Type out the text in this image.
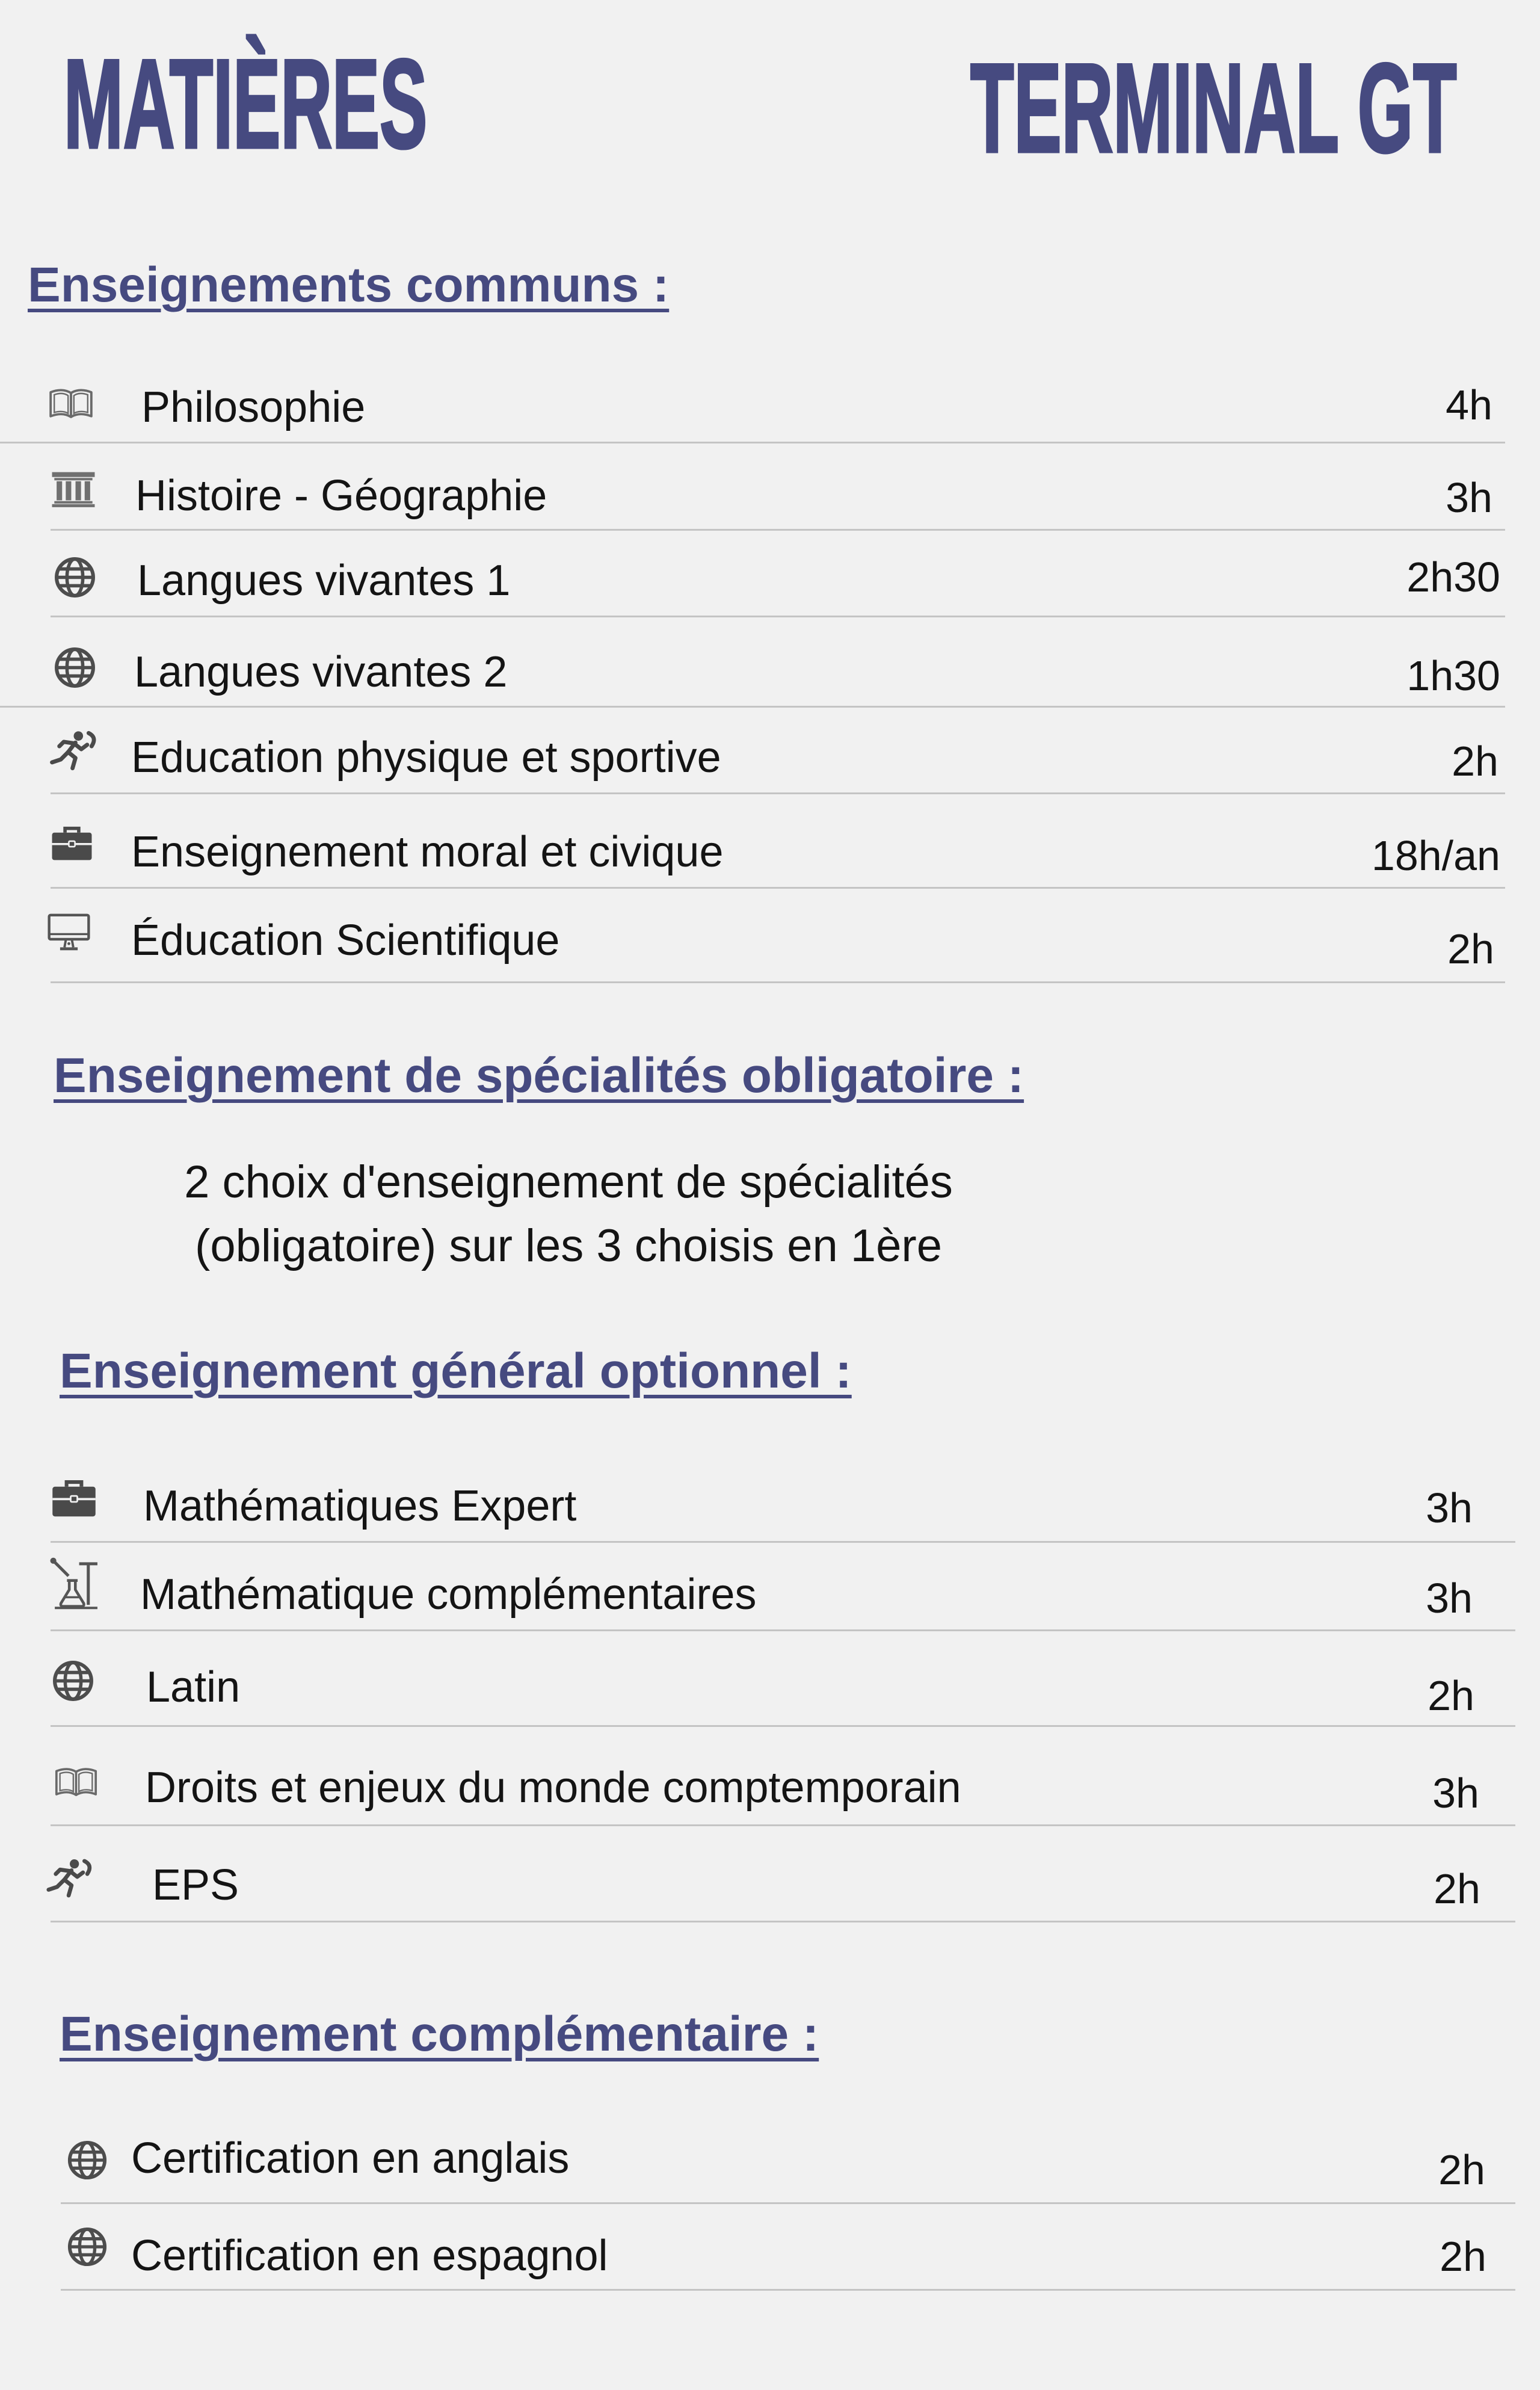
MATIÈRES	TERMINAL GT
Enseignements communs :
Philosophie	4h
Histoire - Géographie	3h
Langues vivantes 1	2h30
Langues vivantes 2	1h30
Education physique et sportive	2h
Enseignement moral et civique	18h/an
Éducation Scientifique	2h
Enseignement de spécialités obligatoire :
2 choix d'enseignement de spécialités
(obligatoire) sur les 3 choisis en 1ère
Enseignement général optionnel :
Mathématiques Expert	3h
Mathématique complémentaires	3h
Latin	2h
Droits et enjeux du monde comptemporain	3h
EPS	2h
Enseignement complémentaire :
Certification en anglais	2h
Certification en espagnol	2h
